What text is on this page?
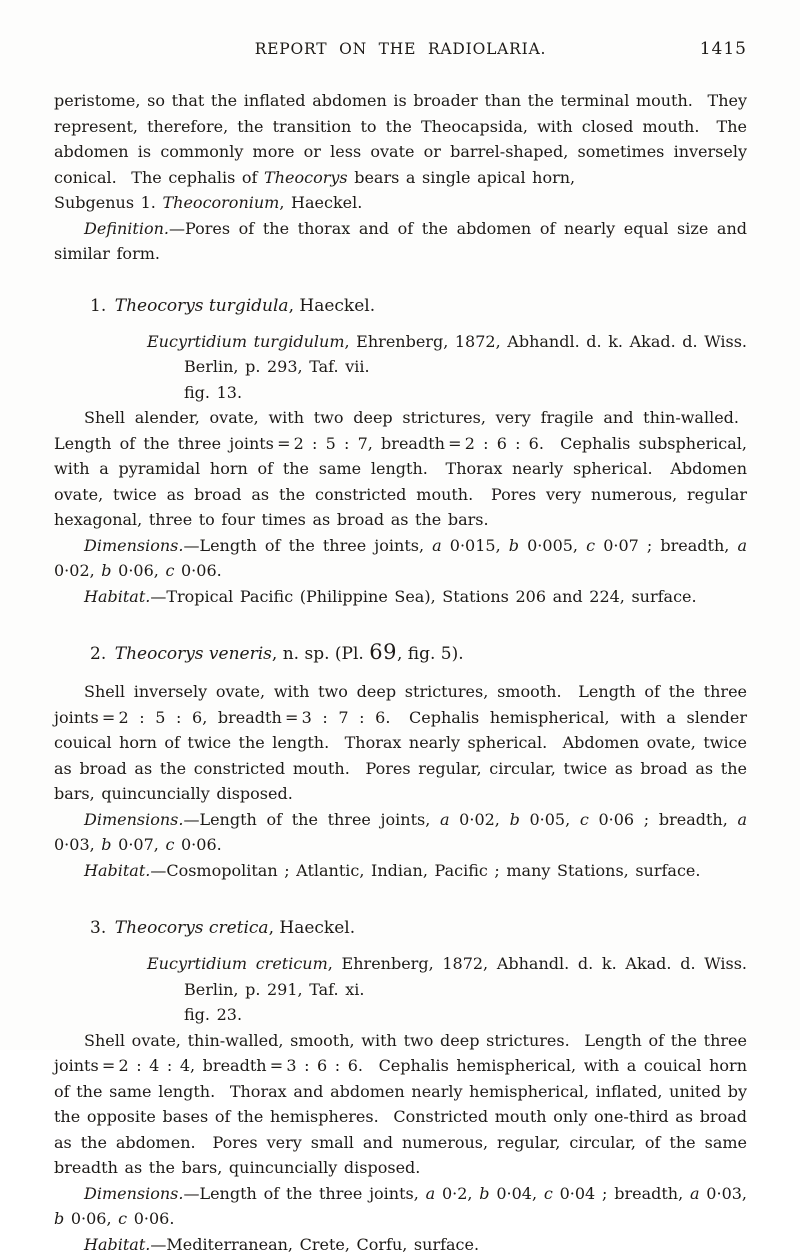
REPORT ON THE RADIOLARIA.	1415

peristome, so that the inflated abdomen is broader than the terminal mouth.  They represent, therefore, the transition to the Theocapsida, with closed mouth.  The abdomen is commonly more or less ovate or barrel-shaped, sometimes inversely conical.  The cephalis of Theocorys bears a single apical horn,

Subgenus 1. Theocoronium, Haeckel.

Definition.—Pores of the thorax and of the abdomen of nearly equal size and similar form.

1. Theocorys turgidula, Haeckel.

Eucyrtidium turgidulum, Ehrenberg, 1872, Abhandl. d. k. Akad. d. Wiss. Berlin, p. 293, Taf. vii.
fig. 13.

Shell alender, ovate, with two deep strictures, very fragile and thin-walled.  Length of the three joints = 2 : 5 : 7, breadth = 2 : 6 : 6.  Cephalis subspherical, with a pyramidal horn of the same length.  Thorax nearly spherical.  Abdomen ovate, twice as broad as the constricted mouth.  Pores very numerous, regular hexagonal, three to four times as broad as the bars.

Dimensions.—Length of the three joints, a 0·015, b 0·005, c 0·07 ; breadth, a 0·02, b 0·06, c 0·06.

Habitat.—Tropical Pacific (Philippine Sea), Stations 206 and 224, surface.

2. Theocorys veneris, n. sp. (Pl. 69, fig. 5).

Shell inversely ovate, with two deep strictures, smooth.  Length of the three joints = 2 : 5 : 6, breadth = 3 : 7 : 6.  Cephalis hemispherical, with a slender couical horn of twice the length.  Thorax nearly spherical.  Abdomen ovate, twice as broad as the constricted mouth.  Pores regular, circular, twice as broad as the bars, quincuncially disposed.

Dimensions.—Length of the three joints, a 0·02, b 0·05, c 0·06 ; breadth, a 0·03, b 0·07, c 0·06.

Habitat.—Cosmopolitan ; Atlantic, Indian, Pacific ; many Stations, surface.

3. Theocorys cretica, Haeckel.

Eucyrtidium creticum, Ehrenberg, 1872, Abhandl. d. k. Akad. d. Wiss. Berlin, p. 291, Taf. xi.
fig. 23.

Shell ovate, thin-walled, smooth, with two deep strictures.  Length of the three joints = 2 : 4 : 4, breadth = 3 : 6 : 6.  Cephalis hemispherical, with a couical horn of the same length.  Thorax and abdomen nearly hemispherical, inflated, united by the opposite bases of the hemispheres.  Constricted mouth only one-third as broad as the abdomen.  Pores very small and numerous, regular, circular, of the same breadth as the bars, quincuncially disposed.

Dimensions.—Length of the three joints, a 0·2, b 0·04, c 0·04 ; breadth, a 0·03, b 0·06, c 0·06.

Habitat.—Mediterranean, Crete, Corfu, surface.
